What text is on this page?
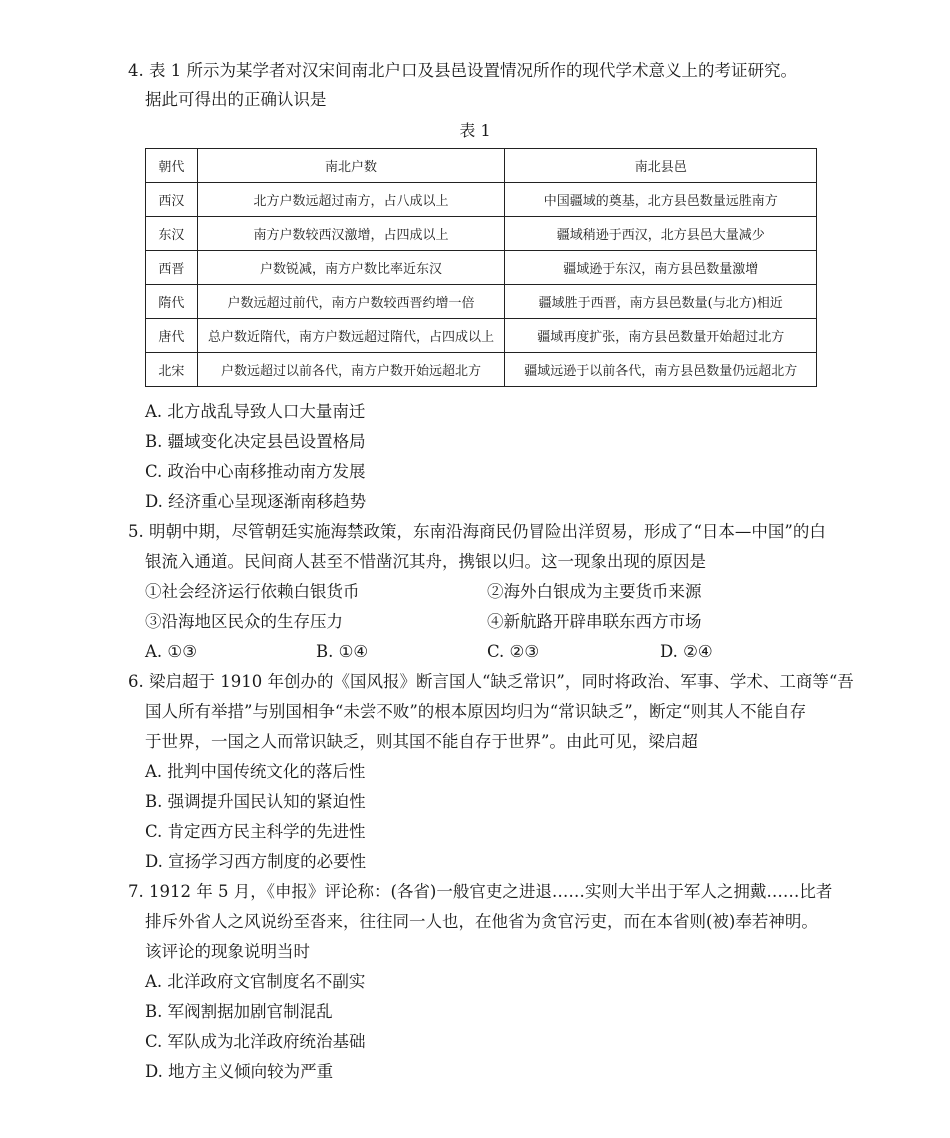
4. 表 1 所示为某学者对汉宋间南北户口及县邑设置情况所作的现代学术意义上的考证研究。
据此可得出的正确认识是
表 1
朝代	南北户数	南北县邑
西汉	北方户数远超过南方，占八成以上	中国疆域的奠基，北方县邑数量远胜南方
东汉	南方户数较西汉激增，占四成以上	疆域稍逊于西汉，北方县邑大量减少
西晋	户数锐减，南方户数比率近东汉	疆域逊于东汉，南方县邑数量激增
隋代	户数远超过前代，南方户数较西晋约增一倍	疆域胜于西晋，南方县邑数量(与北方)相近
唐代	总户数近隋代，南方户数远超过隋代，占四成以上	疆域再度扩张，南方县邑数量开始超过北方
北宋	户数远超过以前各代，南方户数开始远超北方	疆域远逊于以前各代，南方县邑数量仍远超北方
A. 北方战乱导致人口大量南迁
B. 疆域变化决定县邑设置格局
C. 政治中心南移推动南方发展
D. 经济重心呈现逐渐南移趋势
5. 明朝中期，尽管朝廷实施海禁政策，东南沿海商民仍冒险出洋贸易，形成了“日本—中国”的白
银流入通道。民间商人甚至不惜凿沉其舟，携银以归。这一现象出现的原因是
①社会经济运行依赖白银货币	②海外白银成为主要货币来源
③沿海地区民众的生存压力	④新航路开辟串联东西方市场
A. ①③	B. ①④	C. ②③	D. ②④
6. 梁启超于 1910 年创办的《国风报》断言国人“缺乏常识”，同时将政治、军事、学术、工商等“吾
国人所有举措”与别国相争“未尝不败”的根本原因均归为“常识缺乏”，断定“则其人不能自存
于世界，一国之人而常识缺乏，则其国不能自存于世界”。由此可见，梁启超
A. 批判中国传统文化的落后性
B. 强调提升国民认知的紧迫性
C. 肯定西方民主科学的先进性
D. 宣扬学习西方制度的必要性
7. 1912 年 5 月，《申报》评论称：(各省)一般官吏之进退……实则大半出于军人之拥戴……比者
排斥外省人之风说纷至沓来，往往同一人也，在他省为贪官污吏，而在本省则(被)奉若神明。
该评论的现象说明当时
A. 北洋政府文官制度名不副实
B. 军阀割据加剧官制混乱
C. 军队成为北洋政府统治基础
D. 地方主义倾向较为严重
